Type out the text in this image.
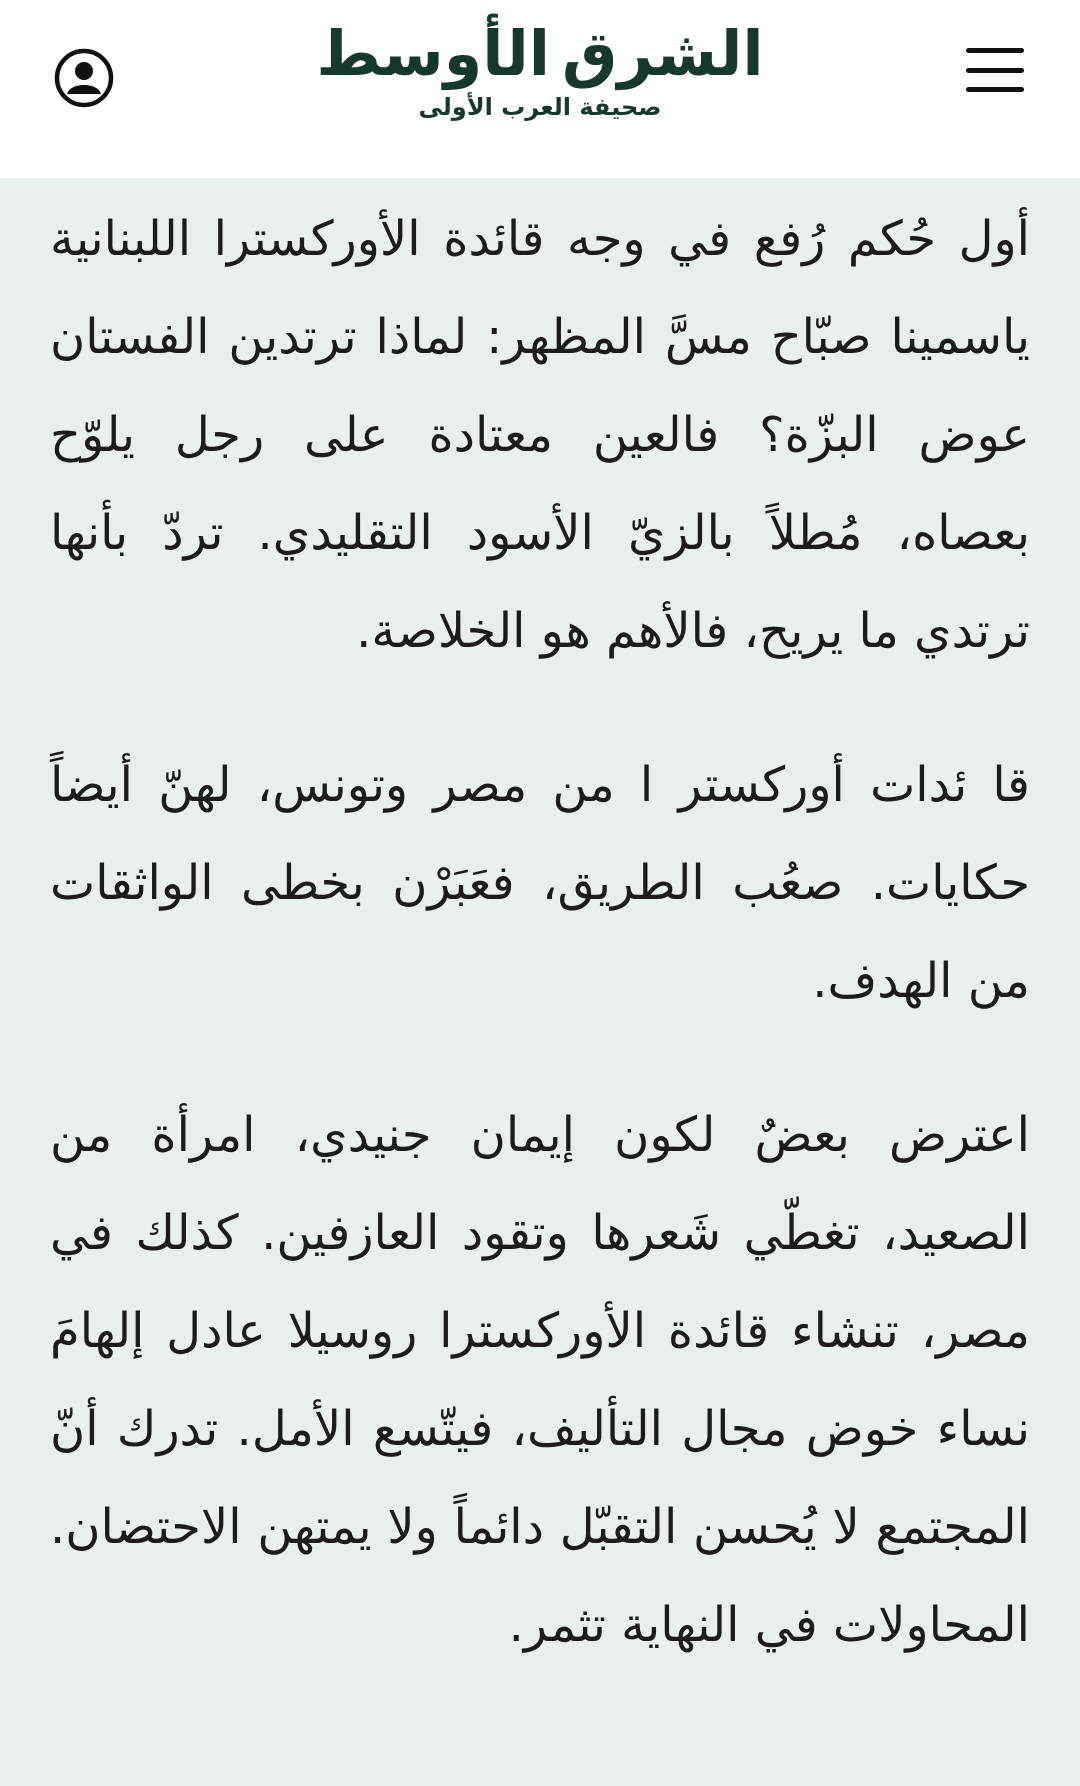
الشرق
الأوسط
صحيفة العرب الأولى

أول حُكم رُفع في وجه قائدة الأوركسترا اللبنانية ياسمينا صبّاح مسَّ المظهر: لماذا ترتدين الفستان عوض البزّة؟ فالعين معتادة على رجل يلوّح بعصاه، مُطلاً بالزيّ الأسود التقليدي. تردّ بأنها ترتدي ما يريح، فالأهم هو الخلاصة.

قا ئدات أوركستر ا من مصر وتونس، لهنّ أيضاً حكايات. صعُب الطريق، فعَبَرْن بخطى الواثقات من الهدف.

اعترض بعضٌ لكون إيمان جنيدي، امرأة من الصعيد، تغطّي شَعرها وتقود العازفين. كذلك في مصر، تنشاء قائدة الأوركسترا روسيلا عادل إلهامَ نساء خوض مجال التأليف، فيتّسع الأمل. تدرك أنّ المجتمع لا يُحسن التقبّل دائماً ولا يمتهن الاحتضان. المحاولات في النهاية تثمر.
